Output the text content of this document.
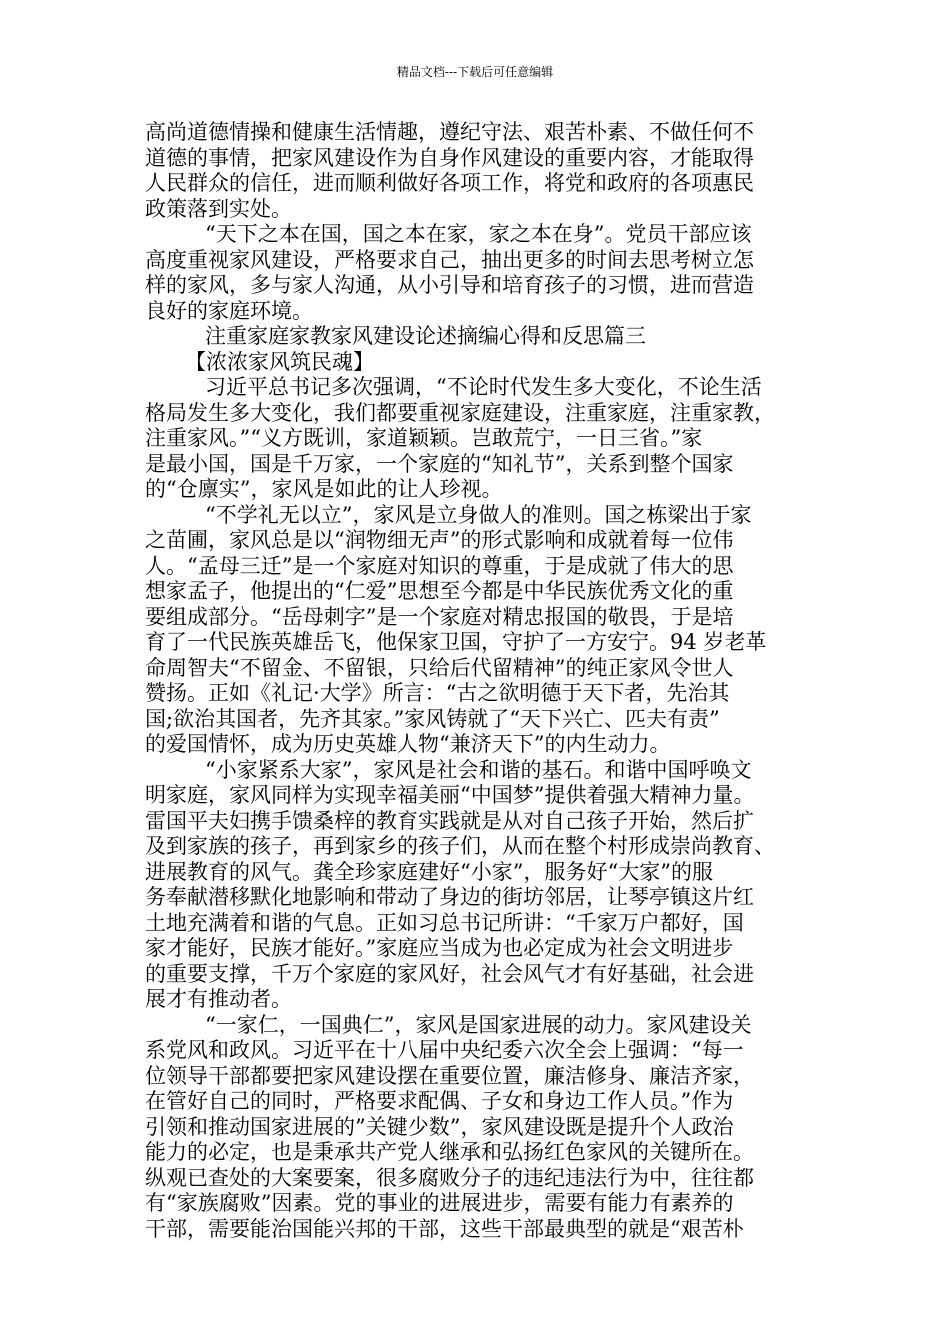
精品文档---下载后可任意编辑
高尚道德情操和健康生活情趣，遵纪守法、艰苦朴素、不做任何不
道德的事情，把家风建设作为自身作风建设的重要内容，才能取得
人民群众的信任，进而顺利做好各项工作，将党和政府的各项惠民
政策落到实处。
“天下之本在国，国之本在家，家之本在身”。党员干部应该
高度重视家风建设，严格要求自己，抽出更多的时间去思考树立怎
样的家风，多与家人沟通，从小引导和培育孩子的习惯，进而营造
良好的家庭环境。
注重家庭家教家风建设论述摘编心得和反思篇三
【浓浓家风筑民魂】
习近平总书记多次强调，“不论时代发生多大变化，不论生活
格局发生多大变化，我们都要重视家庭建设，注重家庭，注重家教，
注重家风。”“义方既训，家道颖颖。岂敢荒宁，一日三省。”家
是最小国，国是千万家，一个家庭的“知礼节”，关系到整个国家
的“仓廪实”，家风是如此的让人珍视。
“不学礼无以立”，家风是立身做人的准则。国之栋梁出于家
之苗圃，家风总是以“润物细无声”的形式影响和成就着每一位伟
人。“孟母三迁”是一个家庭对知识的尊重，于是成就了伟大的思
想家孟子，他提出的“仁爱”思想至今都是中华民族优秀文化的重
要组成部分。“岳母刺字”是一个家庭对精忠报国的敬畏，于是培
育了一代民族英雄岳飞，他保家卫国，守护了一方安宁。94 岁老革
命周智夫“不留金、不留银，只给后代留精神”的纯正家风令世人
赞扬。正如《礼记·大学》所言：“古之欲明德于天下者，先治其
国;欲治其国者，先齐其家。”家风铸就了“天下兴亡、匹夫有责”
的爱国情怀，成为历史英雄人物“兼济天下”的内生动力。
“小家紧系大家”，家风是社会和谐的基石。和谐中国呼唤文
明家庭，家风同样为实现幸福美丽“中国梦”提供着强大精神力量。
雷国平夫妇携手馈桑梓的教育实践就是从对自己孩子开始，然后扩
及到家族的孩子，再到家乡的孩子们，从而在整个村形成崇尚教育、
进展教育的风气。龚全珍家庭建好“小家”，服务好“大家”的服
务奉献潜移默化地影响和带动了身边的街坊邻居，让琴亭镇这片红
土地充满着和谐的气息。正如习总书记所讲：“千家万户都好，国
家才能好，民族才能好。”家庭应当成为也必定成为社会文明进步
的重要支撑，千万个家庭的家风好，社会风气才有好基础，社会进
展才有推动者。
“一家仁，一国典仁”，家风是国家进展的动力。家风建设关
系党风和政风。习近平在十八届中央纪委六次全会上强调：“每一
位领导干部都要把家风建设摆在重要位置，廉洁修身、廉洁齐家，
在管好自己的同时，严格要求配偶、子女和身边工作人员。”作为
引领和推动国家进展的”关键少数”，家风建设既是提升个人政治
能力的必定，也是秉承共产党人继承和弘扬红色家风的关键所在。
纵观已查处的大案要案，很多腐败分子的违纪违法行为中，往往都
有“家族腐败”因素。党的事业的进展进步，需要有能力有素养的
干部，需要能治国能兴邦的干部，这些干部最典型的就是“艰苦朴
